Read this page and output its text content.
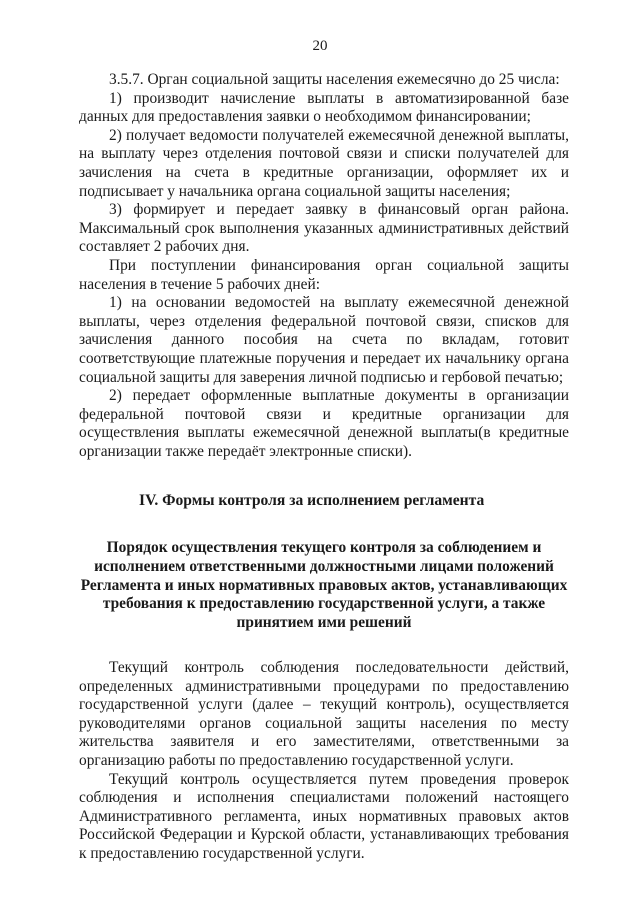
20

3.5.7. Орган социальной защиты населения ежемесячно до 25 числа:

1) производит начисление выплаты в автоматизированной базе данных для предоставления заявки о необходимом финансировании;

2) получает ведомости получателей ежемесячной денежной выплаты, на выплату через отделения почтовой связи и списки получателей для зачисления на счета в кредитные организации, оформляет их и подписывает у начальника органа социальной защиты населения;

3) формирует и передает заявку в финансовый орган района. Максимальный срок выполнения указанных административных действий составляет 2 рабочих дня.

При поступлении финансирования орган социальной защиты населения в течение 5 рабочих дней:

1) на основании ведомостей на выплату ежемесячной денежной выплаты, через отделения федеральной почтовой связи, списков для зачисления данного пособия на счета по вкладам, готовит соответствующие платежные поручения и передает их начальнику органа социальной защиты для заверения личной подписью и гербовой печатью;

2) передает оформленные выплатные документы в организации федеральной почтовой связи и кредитные организации для осуществления выплаты ежемесячной денежной выплаты(в кредитные организации также передаёт электронные списки).

IV. Формы контроля за исполнением регламента

Порядок осуществления текущего контроля за соблюдением и исполнением ответственными должностными лицами положений Регламента и иных нормативных правовых актов, устанавливающих требования к предоставлению государственной услуги, а также принятием ими решений

Текущий контроль соблюдения последовательности действий, определенных административными процедурами по предоставлению государственной услуги (далее – текущий контроль), осуществляется руководителями органов социальной защиты населения по месту жительства заявителя и его заместителями, ответственными за организацию работы по предоставлению государственной услуги.

Текущий контроль осуществляется путем проведения проверок соблюдения и исполнения специалистами положений настоящего Административного регламента, иных нормативных правовых актов Российской Федерации и Курской области, устанавливающих требования к предоставлению государственной услуги.
